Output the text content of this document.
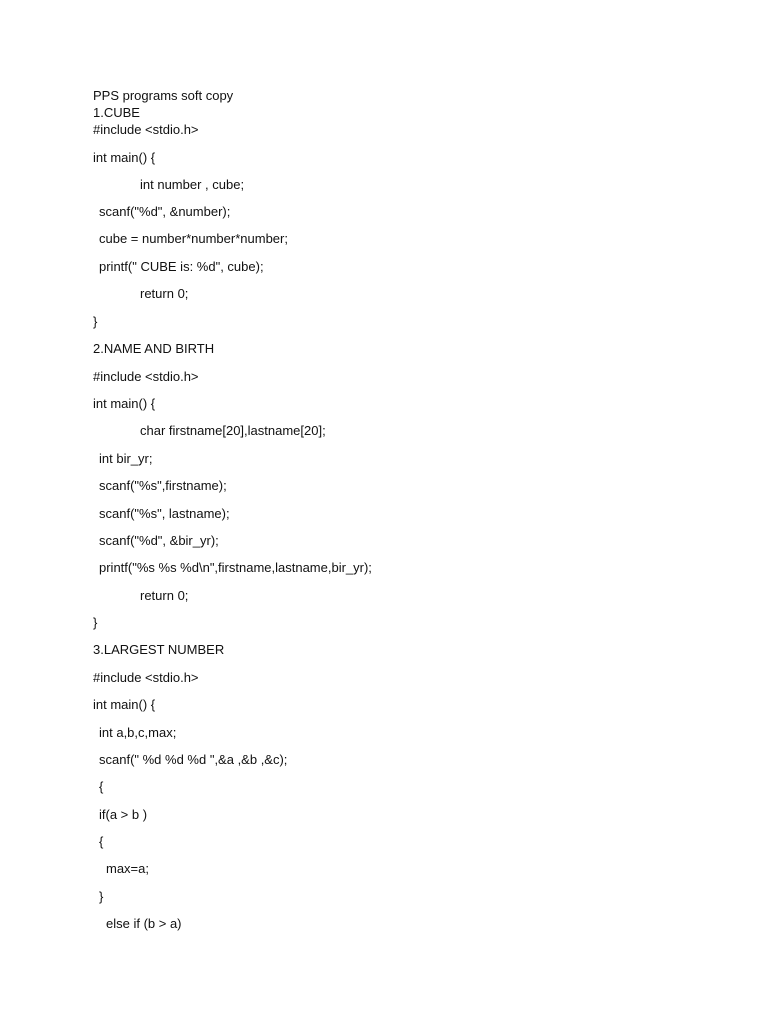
PPS programs soft copy
1.CUBE
#include <stdio.h>
int main() {
int number , cube;
scanf("%d", &number);
cube = number*number*number;
printf(" CUBE is: %d", cube);
return 0;
}
2.NAME AND BIRTH
#include <stdio.h>
int main() {
char firstname[20],lastname[20];
int bir_yr;
scanf("%s",firstname);
scanf("%s", lastname);
scanf("%d", &bir_yr);
printf("%s %s %d\n",firstname,lastname,bir_yr);
return 0;
}
3.LARGEST NUMBER
#include <stdio.h>
int main() {
int a,b,c,max;
scanf(" %d %d %d ",&a ,&b ,&c);
{
if(a > b )
{
max=a;
}
else if (b > a)
